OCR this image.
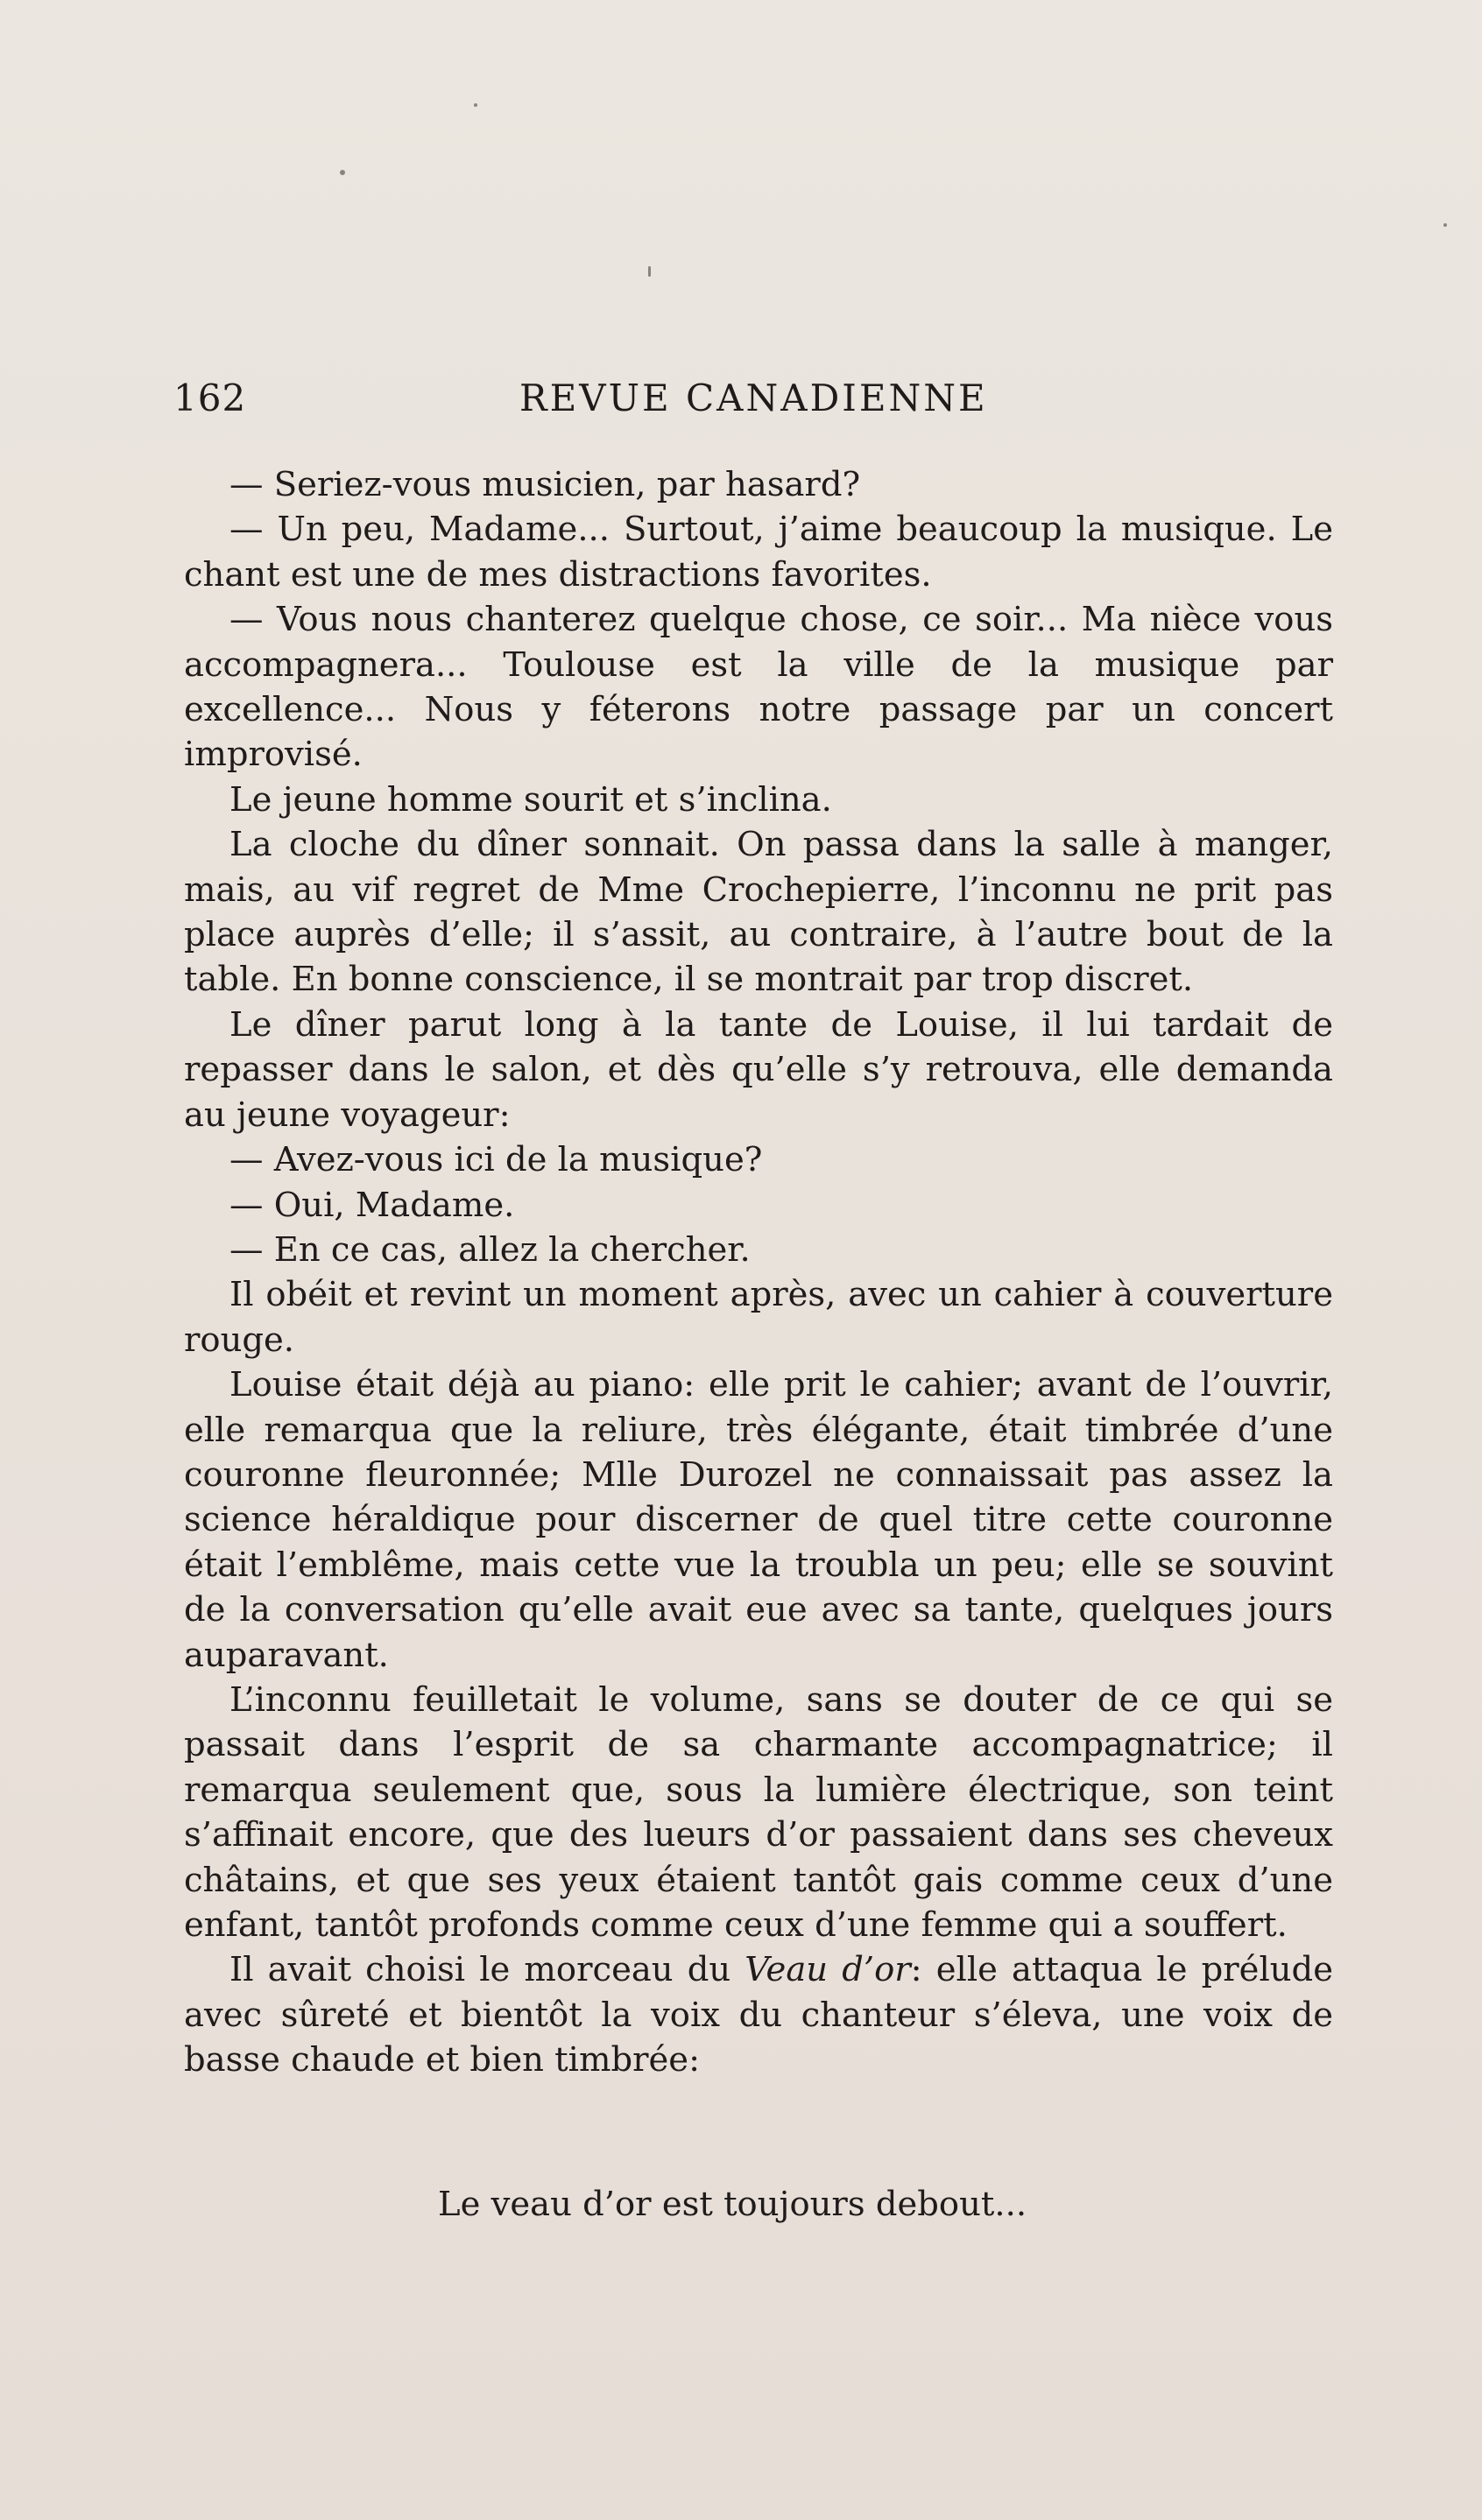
162	REVUE CANADIENNE

— Seriez-vous musicien, par hasard?

— Un peu, Madame... Surtout, j’aime beaucoup la musique. Le chant est une de mes distractions favorites.

— Vous nous chanterez quelque chose, ce soir... Ma nièce vous accompagnera... Toulouse est la ville de la musique par excellence... Nous y féterons notre passage par un concert improvisé.

Le jeune homme sourit et s’inclina.

La cloche du dîner sonnait. On passa dans la salle à manger, mais, au vif regret de Mme Crochepierre, l’inconnu ne prit pas place auprès d’elle; il s’assit, au contraire, à l’autre bout de la table. En bonne conscience, il se montrait par trop discret.

Le dîner parut long à la tante de Louise, il lui tardait de repasser dans le salon, et dès qu’elle s’y retrouva, elle demanda au jeune voyageur:

— Avez-vous ici de la musique?

— Oui, Madame.

— En ce cas, allez la chercher.

Il obéit et revint un moment après, avec un cahier à couverture rouge.

Louise était déjà au piano: elle prit le cahier; avant de l’ouvrir, elle remarqua que la reliure, très élégante, était timbrée d’une couronne fleuronnée; Mlle Durozel ne connaissait pas assez la science héraldique pour discerner de quel titre cette couronne était l’emblême, mais cette vue la troubla un peu; elle se souvint de la conversation qu’elle avait eue avec sa tante, quelques jours auparavant.

L’inconnu feuilletait le volume, sans se douter de ce qui se passait dans l’esprit de sa charmante accompagnatrice; il remarqua seulement que, sous la lumière électrique, son teint s’affinait encore, que des lueurs d’or passaient dans ses cheveux châtains, et que ses yeux étaient tantôt gais comme ceux d’une enfant, tantôt profonds comme ceux d’une femme qui a souffert.

Il avait choisi le morceau du Veau d’or: elle attaqua le prélude avec sûreté et bientôt la voix du chanteur s’éleva, une voix de basse chaude et bien timbrée:

Le veau d’or est toujours debout...
